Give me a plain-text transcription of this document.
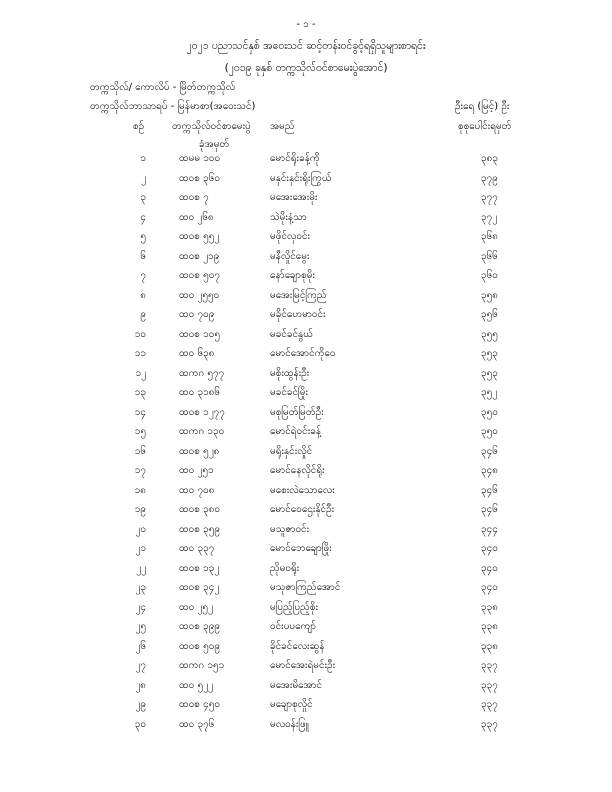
- ၁ -
၂၀၂၁ ပညာသင်နှစ် အဝေးသင် ဆင့်တန်းဝင်ခွင့်ရရှိသူများစာရင်း
(၂၀၁၉ ခုနှစ် တက္ကသိုလ်ဝင်စာမေးပွဲအောင်)
တက္ကသိုလ်/ ကောလိပ် - မြိတ်တက္ကသိုလ်
တက္ကသိုလ်ဘာသာရပ် - မြန်မာစာ(အဝေးသင်)	ဦးရေ (မြင့်) ဦး
စဉ်	တက္ကသိုလ်ဝင်စာမေးပွဲ
ခုံအမှတ်
အမည်	စုစုပေါင်းရမှတ်
၁	ထမမ ၁၀၀	မောင်ရိုးခန့်ကို	၃၈၃
၂	ထဝစ ၃၆၀	မနှင်းနှင်းရိုးကြွယ်	၃၇၉
၃	ထဝစ ၇	မအေးအေးမိုး	၃၇၇
၄	ထဝ ၂၆၈	သဲမိုးနံ့သာ	၃၇၂
၅	ထဝစ ၅၅၂	မဖိုင်လှဝင်း	၃၆၈
၆	ထဝစ ၂၁၉	မနီလှိုင်မွေး	၃၆၆
၇	ထဝစ ၅၀၇	နော်ချောစုမိုး	၃၆၀
၈	ထဝ ၂၅၅၀	မအေးမြင့်ကြည်	၃၅၈
၉	ထဝ ၇၀၉	မခိုင်ဟေမာဝင်း	၃၅၆
၁၀	ထဝစ ၁၀၅	မခင်ခင်နွယ်	၃၅၅
၁၁	ထဝ ၆၃၈	မောင်အောင်ကိုဝေ	၃၅၃
၁၂	ထကဂ ၅၇၇	မစိုးထွန်းဦး	၃၅၃
၁၃	ထဝ ၃၁၈၆	မခင်ခင်မြိုး	၃၅၂
၁၄	ထဝစ ၁၂၇၇	မစုမြတ်မြတ်ဦး	၃၅၀
၁၅	ထကဂ ၁၃၀	မောင်ရဲဝင်းခန့်	၃၅၀
၁၆	ထဝစ ၅၂၈	မရိုးနှင်းလှိုင်	၃၄၆
၁၇	ထဝ ၂၅၁	မောင်နေလိုင်ရိုး	၃၄၈
၁၈	ထဝ ၇၀၈	မစေးလဲသောလေး	၃၄၆
၁၉	ထဝစ ၃၈၀	မောင်ဝေဌေးနိုင်ဦး	၃၄၆
၂၀	ထဝစ ၃၅၉	မသူဇာဝင်း	၃၄၄
၂၁	ထဝ ၃၃၇	မောင်ဘေချောဖြိုး	၃၄၀
၂၂	ထဝစ ၁၃၂	ညိုမဝရိုး	၃၄၀
၂၃	ထဝစ ၃၄၂	မသုဇာကြည်အောင်	၃၄၀
၂၄	ထဝ ၂၅၂	မပြည့်ပြည့်စိုး	၃၃၈
၂၅	ထဝစ ၃၉၉	ဝင်းပပကျော်	၃၃၈
၂၆	ထဝစ ၅၀၉	ခိုင်ခင်လေးဆွန်	၃၃၈
၂၇	ထကဂ ၁၅၁	မောင်အေးရဲမင်းဦး	၃၃၇
၂၈	ထဝ ၅၂၂	မအေးမိအောင်	၃၃၇
၂၉	ထဝစ ၄၅၀	မချောစုလှိုင်	၃၃၇
၃၀	ထဝ ၃၇၆	မလဝန်းဖြူ	၃၃၇
